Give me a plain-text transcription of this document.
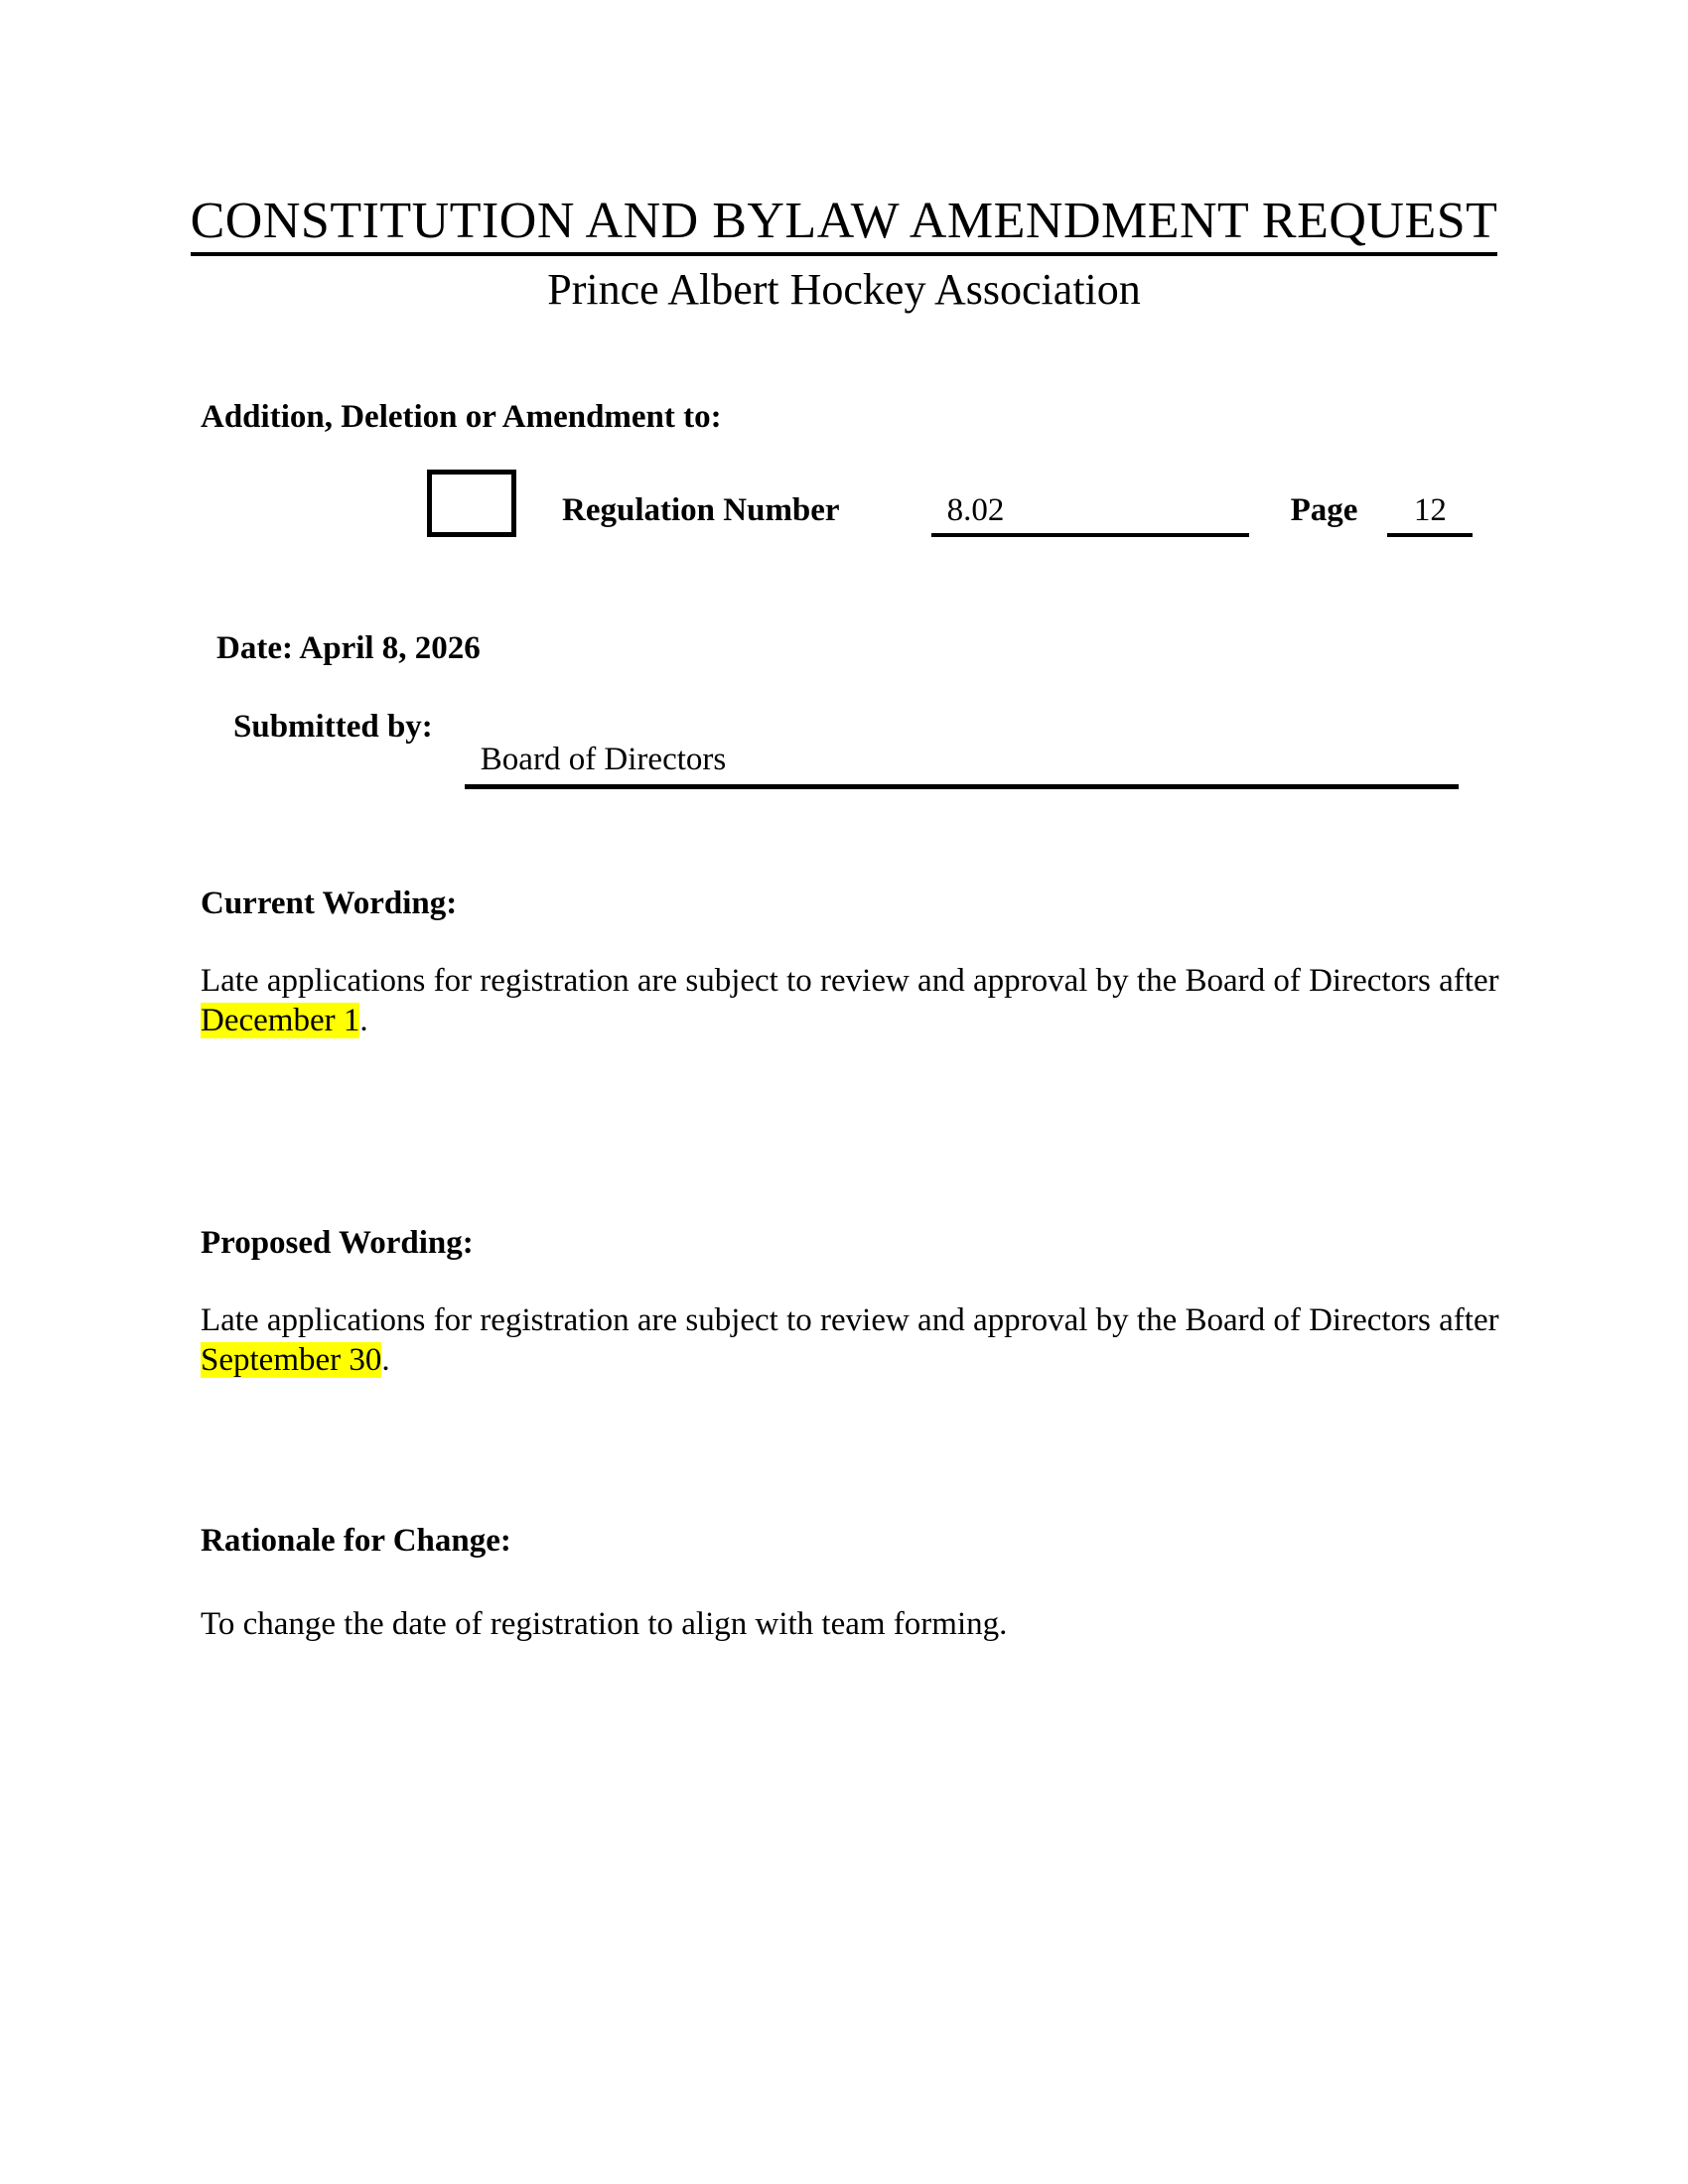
CONSTITUTION AND BYLAW AMENDMENT REQUEST
Prince Albert Hockey Association
Addition, Deletion or Amendment to:
Regulation Number	8.02	Page	12
Date: April 8, 2026
Submitted by:
Board of Directors
Current Wording:
Late applications for registration are subject to review and approval by the Board of Directors after
December 1.
Proposed Wording:
Late applications for registration are subject to review and approval by the Board of Directors after
September 30.
Rationale for Change:
To change the date of registration to align with team forming.
